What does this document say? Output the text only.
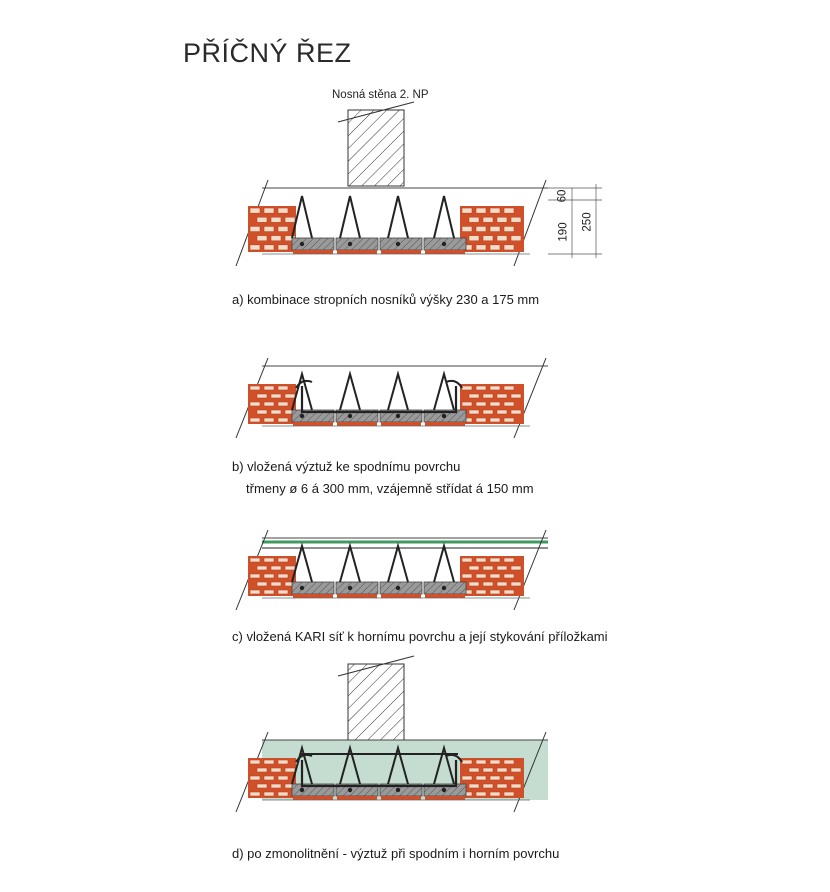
PŘÍČNÝ ŘEZ
Nosná stěna 2. NP
60
190
250
a) kombinace stropních nosníků výšky 230 a 175 mm
b) vložená výztuž ke spodnímu povrchu
třmeny ø 6 á 300 mm, vzájemně střídat á 150 mm
c) vložená KARI síť k hornímu povrchu a její stykování příložkami
d) po zmonolitnění - výztuž při spodním i horním povrchu
